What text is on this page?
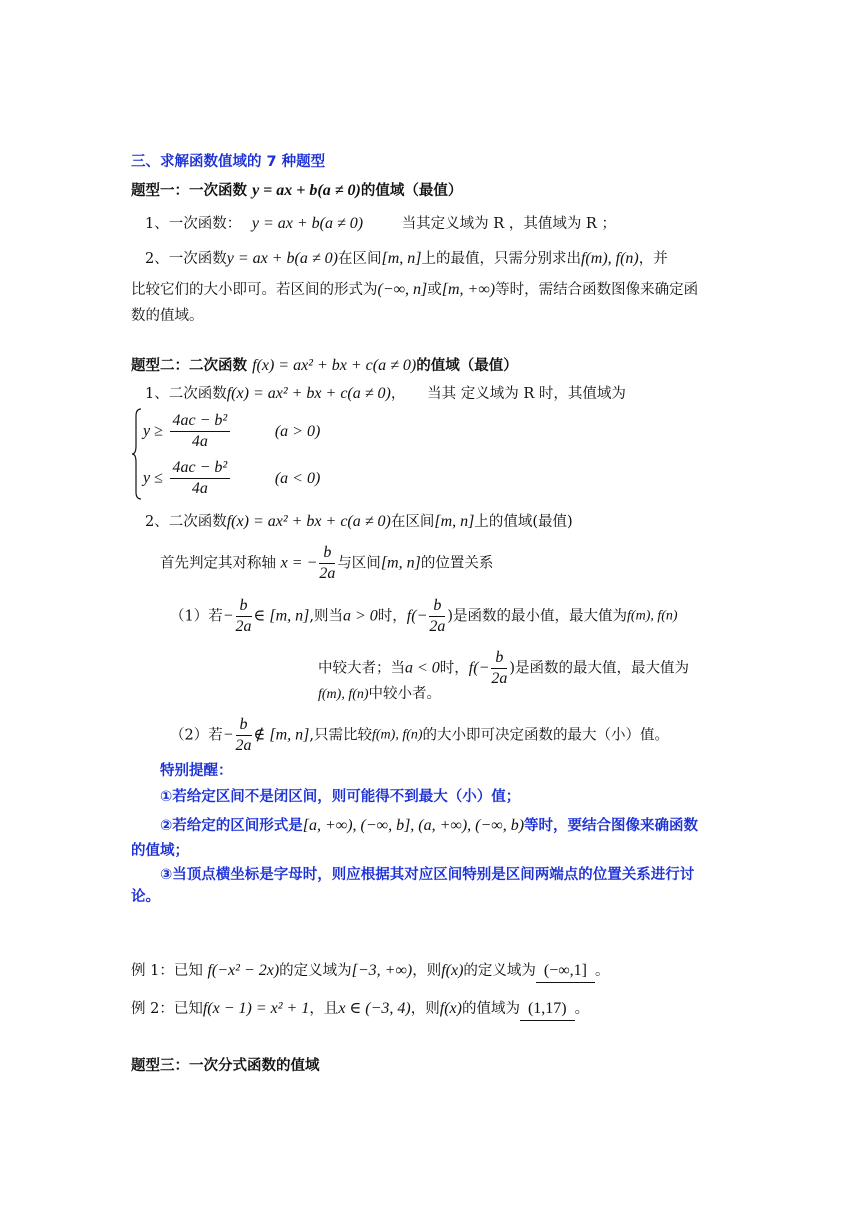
三、求解函数值域的 7 种题型
题型一：一次函数 y = ax + b(a ≠ 0)的值域（最值）
1、一次函数： y = ax + b(a ≠ 0)	当其定义域为 R ，其值域为 R ；
2、一次函数y = ax + b(a ≠ 0)在区间[m, n]上的最值，只需分别求出f(m), f(n)，并
比较它们的大小即可。若区间的形式为(−∞, n]或[m, +∞)等时，需结合函数图像来确定函
数的值域。
题型二：二次函数 f(x) = ax² + bx + c(a ≠ 0)的值域（最值）
1、二次函数f(x) = ax² + bx + c(a ≠ 0)，　　当其 定义域为 R 时，其值域为
$y \ge \frac{\text{4ac − b²}}{4a}$	(a > 0)
$y \le \frac{\text{4ac − b²}}{4a}$	(a < 0)
2、二次函数f(x) = ax² + bx + c(a ≠ 0)在区间[m, n]上的值域(最值)
首先判定其对称轴 x = − $\frac{b}{2a}$ 与区间[m, n]的位置关系
（1）若− $\frac{b}{2a}$ ∈ [m, n],则当a > 0时，$f(- \frac{b}{2a}$ )是函数的最小值，最大值为f(m), f(n)
中较大者；当a < 0时，$f(- \frac{b}{2a}$ )是函数的最大值，最大值为
f(m), f(n)中较小者。
（2）若− $\frac{b}{2a}$ ∉ [m, n],只需比较f(m), f(n)的大小即可决定函数的最大（小）值。
特别提醒：
①若给定区间不是闭区间，则可能得不到最大（小）值；
②若给定的区间形式是[a, +∞), (−∞, b], (a, +∞), (−∞, b)等时，要结合图像来确函数
的值域；
③当顶点横坐标是字母时，则应根据其对应区间特别是区间两端点的位置关系进行讨
论。
例 1：已知 f(−x² − 2x)的定义域为[−3, +∞)，则f(x)的定义域为 (−∞,1] 。
例 2：已知f(x − 1) = x² + 1，且x ∈ (−3, 4)，则f(x)的值域为 (1,17) 。
题型三：一次分式函数的值域
